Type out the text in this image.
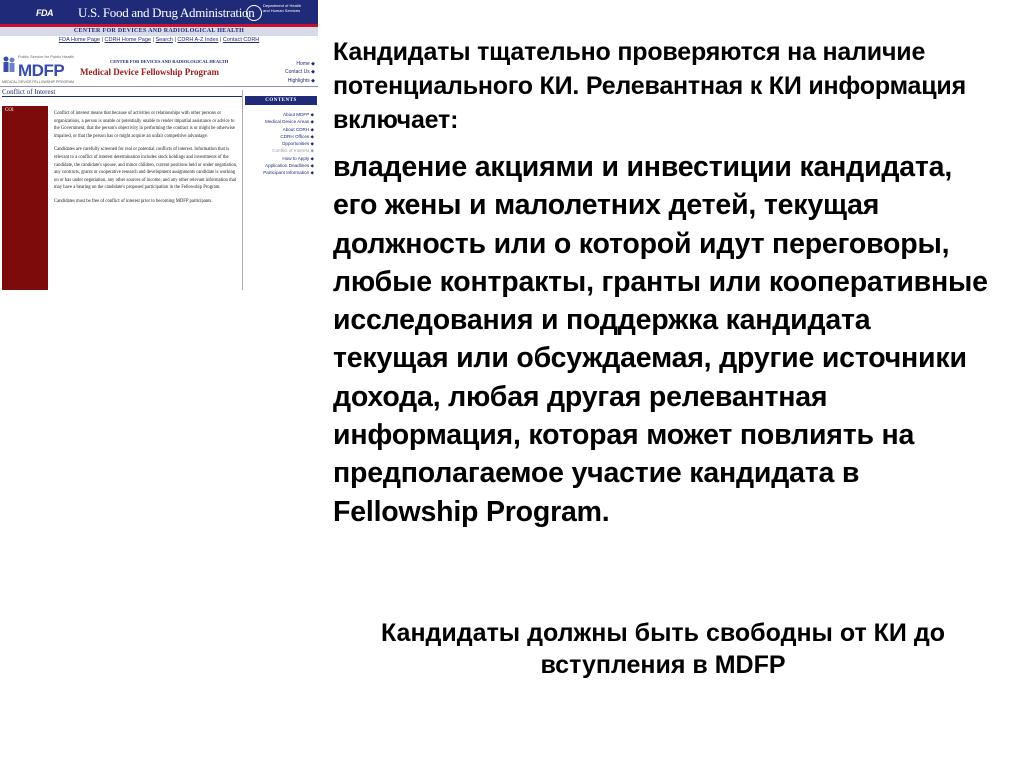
FDA U.S. Food and Drug Administration Department of Health and Human Services
CENTER FOR DEVICES AND RADIOLOGICAL HEALTH
FDA Home Page | CDRH Home Page | Search | CDRH A-Z Index | Contact CDRH
Public Service for Public Health
MDFP
MEDICAL DEVICE FELLOWSHIP PROGRAM
CENTER FOR DEVICES AND RADIOLOGICAL HEALTH
Medical Device Fellowship Program
Home ◆
Contact Us ◆
Highlights ◆
Conflict of Interest
COI

Conflict of interest means that because of activities or relationships with other persons or organizations, a person is unable or potentially unable to render impartial assistance or advice to the Government, that the person's objectivity in performing the contract is or might be otherwise impaired, or that the person has or might acquire an unfair competitive advantage.

Candidates are carefully screened for real or potential conflicts of interest. Information that is relevant to a conflict of interest determination includes stock holdings and investments of the candidate, the candidate's spouse, and minor children, current positions held or under negotiation, any contracts, grants or cooperative research and development assignments candidate is working on or has under negotiation, any other sources of income, and any other relevant information that may have a bearing on the candidate's proposed participation in the Fellowship Program.

Candidates must be free of conflict of interest prior to becoming MDFP participants.

CONTENTS
About MDFP ◆
Medical Device Areas ◆
About CDRH ◆
CDRH Offices ◆
Opportunities ◆
Conflict of Interest ◆
How to Apply ◆
Application Deadlines ◆
Participant Information ◆

Кандидаты тщательно проверяются на наличие потенциального КИ. Релевантная к КИ информация включает:

владение акциями и инвестиции кандидата, его жены и малолетних детей, текущая должность или о которой идут переговоры, любые контракты, гранты или кооперативные исследования и поддержка кандидата текущая или обсуждаемая, другие источники дохода, любая другая релевантная информация, которая может повлиять на предполагаемое участие кандидата в Fellowship Program.

Кандидаты должны быть свободны от КИ до вступления в MDFP
